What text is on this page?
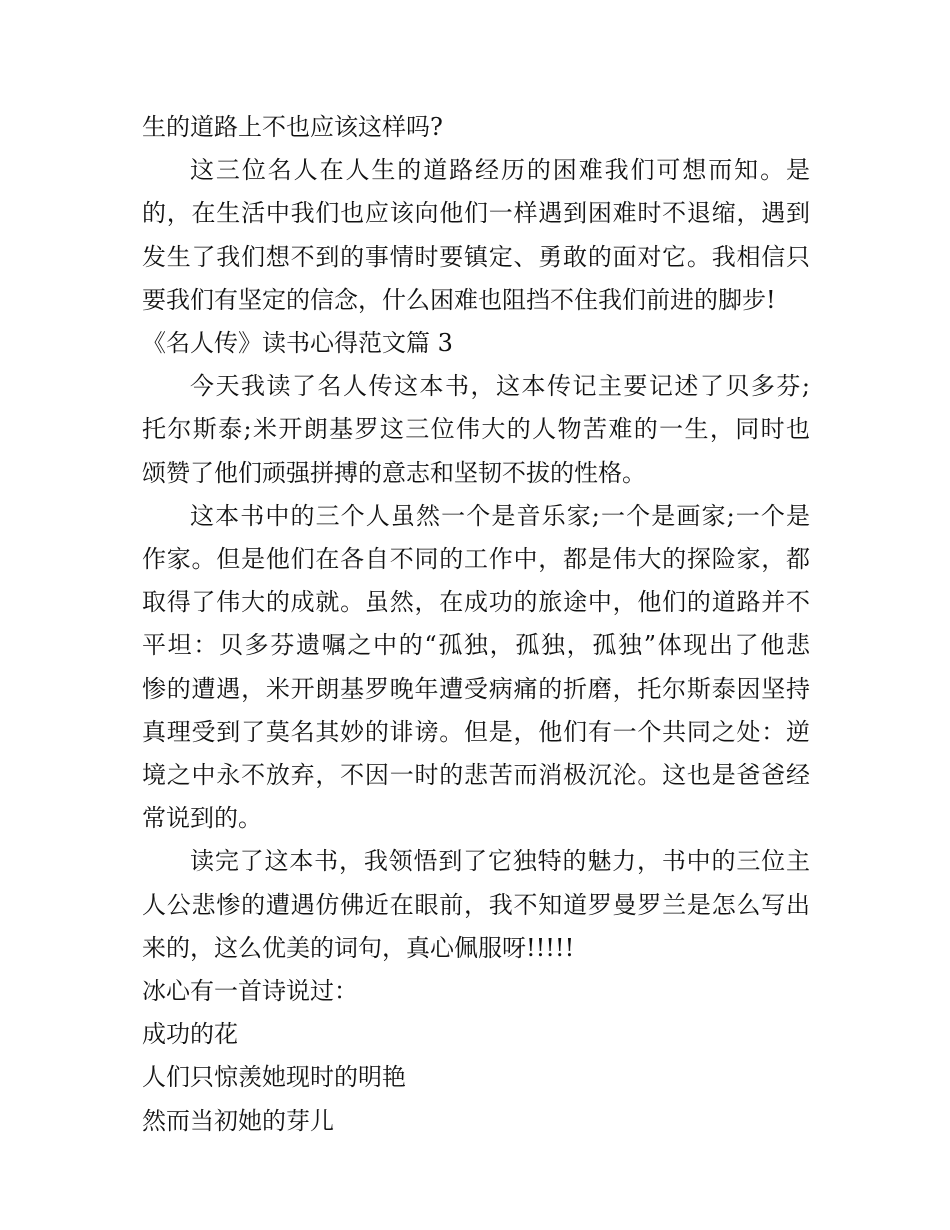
生的道路上不也应该这样吗?

这三位名人在人生的道路经历的困难我们可想而知。是
的，在生活中我们也应该向他们一样遇到困难时不退缩，遇到
发生了我们想不到的事情时要镇定、勇敢的面对它。我相信只
要我们有坚定的信念，什么困难也阻挡不住我们前进的脚步!

《名人传》读书心得范文篇 3

今天我读了名人传这本书，这本传记主要记述了贝多芬;
托尔斯泰;米开朗基罗这三位伟大的人物苦难的一生，同时也
颂赞了他们顽强拼搏的意志和坚韧不拔的性格。

这本书中的三个人虽然一个是音乐家;一个是画家;一个是
作家。但是他们在各自不同的工作中，都是伟大的探险家，都
取得了伟大的成就。虽然，在成功的旅途中，他们的道路并不
平坦：贝多芬遗嘱之中的“孤独，孤独，孤独”体现出了他悲
惨的遭遇，米开朗基罗晚年遭受病痛的折磨，托尔斯泰因坚持
真理受到了莫名其妙的诽谤。但是，他们有一个共同之处：逆
境之中永不放弃，不因一时的悲苦而消极沉沦。这也是爸爸经
常说到的。

读完了这本书，我领悟到了它独特的魅力，书中的三位主
人公悲惨的遭遇仿佛近在眼前，我不知道罗曼罗兰是怎么写出
来的，这么优美的词句，真心佩服呀!!!!!

冰心有一首诗说过：

成功的花

人们只惊羡她现时的明艳

然而当初她的芽儿
